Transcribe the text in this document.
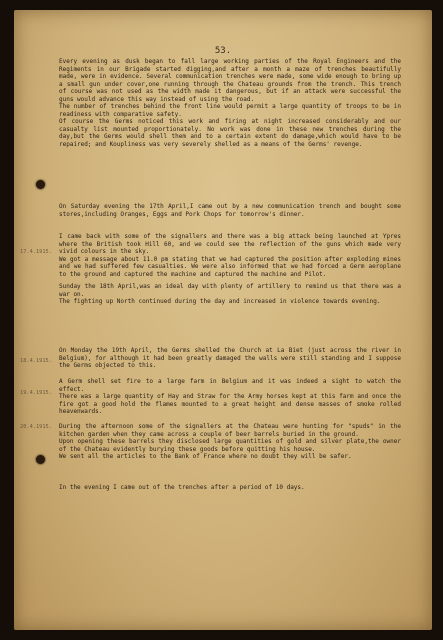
53.
17.4.1915.
18.4.1915.
19.4.1915.
20.4.1915.

Every evening as dusk began to fall large working parties of the Royal Engineers and the Regiments in our Brigade started digging,and after a month a maze of trenches beautifully made, were in evidence. Several communication trenches were made, some wide enough to bring up a small gun under cover,one running through the Chateau grounds from the trench. This trench of course was not used as the width made it dangerous, but if an attack were successful the guns would advance this way instead of using the road.
The number of trenches behind the front line would permit a large quantity of troops to be in readiness with comparative safety.
Of course the Germs noticed this work and firing at night increased considerably and our casualty list mounted proportionately. No work was done in these new trenches during the day,but the Germs would shell them and to a certain extent do damage,which would have to be repaired; and Koupliness was very severely shelled as a means of the Germs' revenge.

On Saturday evening the 17th April,I came out by a new communication trench and bought some stores,including Oranges, Eggs and Pork Chops for tomorrow's dinner.

I came back with some of the signallers and there was a big attack being launched at Ypres where the British took Hill 60, and we could see the reflection of the guns which made very vivid colours in the sky.
We got a message about 11.0 pm stating that we had captured the position after exploding mines and we had suffered few casualties. We were also informed that we had forced a Germ aeroplane to the ground and captured the machine and captured the machine and Pilot.

Sunday the 18th April,was an ideal day with plenty of artillery to remind us that there was a war on.
The fighting up North continued during the day and increased in violence towards evening.

On Monday the 19th April, the Germs shelled the Church at La Biet (just across the river in Belgium), for although it had been greatly damaged the walls were still standing and I suppose the Germs objected to this.

A Germ shell set fire to a large farm in Belgium and it was indeed a sight to watch the effect.
There was a large quantity of Hay and Straw for the Army horses kept at this farm and once the fire got a good hold the flames mounted to a great height and dense masses of smoke rolled heavenwards.

During the afternoon some of the signallers at the Chateau were hunting for "spuds" in the kitchen garden when they came across a couple of beer barrels buried in the ground.
Upon opening these barrels they disclosed large quantities of gold and silver plate,the owner of the Chateau evidently burying these goods before quitting his house.
We sent all the articles to the Bank of France where no doubt they will be safer.

In the evening I came out of the trenches after a period of 10 days.
